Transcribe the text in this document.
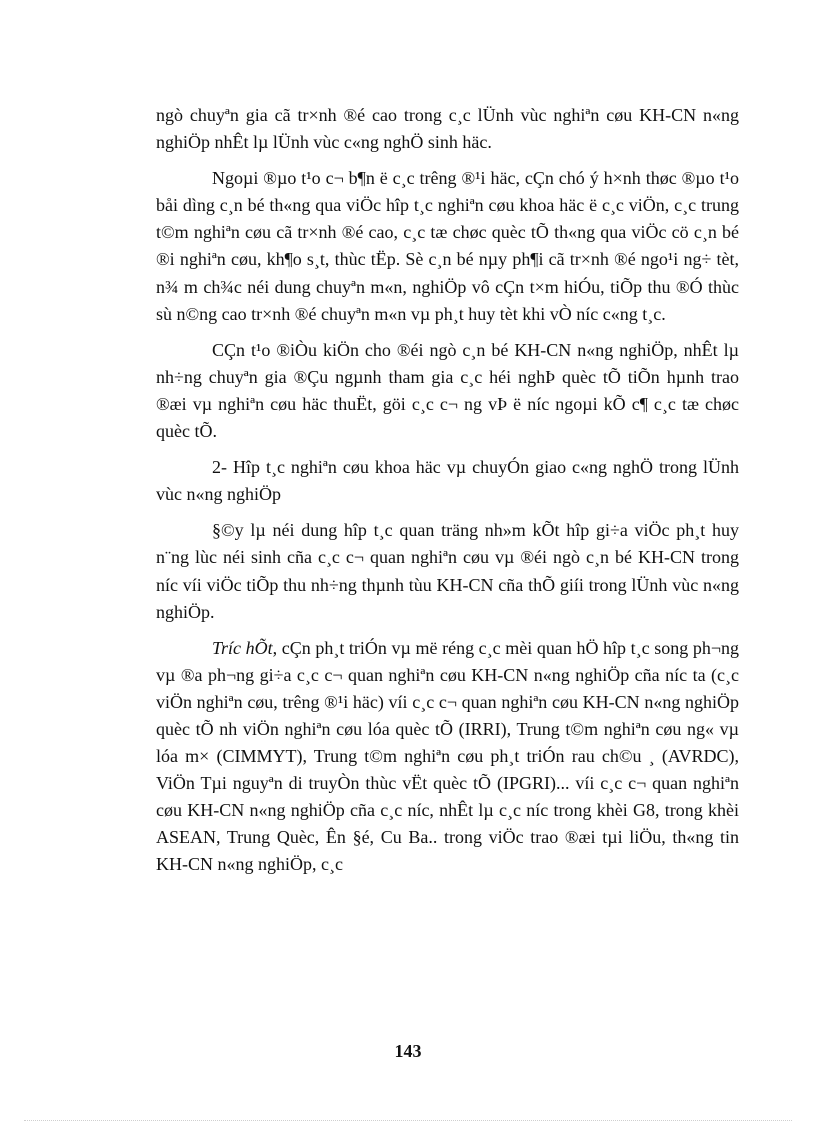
ngò chuyªn gia cã tr×nh ®é cao trong c¸c lÜnh vùc nghiªn cøu KH-CN n«ng nghiÖp nhÊt lµ lÜnh vùc c«ng nghÖ sinh häc.

Ngoµi ®µo t¹o c¬ b¶n ë c¸c trêng ®¹i häc, cÇn chó ý h×nh thøc ®µo t¹o båi dìng c¸n bé th«ng qua viÖc hîp t¸c nghiªn cøu khoa häc ë c¸c viÖn, c¸c trung t©m nghiªn cøu cã tr×nh ®é cao, c¸c tæ chøc quèc tÕ th«ng qua viÖc cö c¸n bé ®i nghiªn cøu, kh¶o s¸t, thùc tËp. Sè c¸n bé nµy ph¶i cã tr×nh ®é ngo¹i ng÷ tèt, n¾ m ch¾c néi dung chuyªn m«n, nghiÖp vô cÇn t×m hiÓu, tiÕp thu ®Ó thùc sù n©ng cao tr×nh ®é chuyªn m«n vµ ph¸t huy tèt khi vÒ níc c«ng t¸c.

CÇn t¹o ®iÒu kiÖn cho ®éi ngò c¸n bé KH-CN n«ng nghiÖp, nhÊt lµ nh÷ng chuyªn gia ®Çu ngµnh tham gia c¸c héi nghÞ quèc tÕ tiÕn hµnh trao ®æi vµ nghiªn cøu häc thuËt, göi c¸c c¬ ng vÞ ë níc ngoµi kÕ c¶ c¸c tæ chøc quèc tÕ.

2- Hîp t¸c nghiªn cøu khoa häc vµ chuyÓn giao c«ng nghÖ trong lÜnh vùc n«ng nghiÖp

§©y lµ néi dung hîp t¸c quan träng nh»m kÕt hîp gi÷a viÖc ph¸t huy n¨ng lùc néi sinh cña c¸c c¬ quan nghiªn cøu vµ ®éi ngò c¸n bé KH-CN trong níc víi viÖc tiÕp thu nh÷ng thµnh tùu KH-CN cña thÕ giíi trong lÜnh vùc n«ng nghiÖp.

Tríc hÕt, cÇn ph¸t triÓn vµ më réng c¸c mèi quan hÖ hîp t¸c song ph¬ng vµ ®a ph¬ng gi÷a c¸c c¬ quan nghiªn cøu KH-CN n«ng nghiÖp cña níc ta (c¸c viÖn nghiªn cøu, trêng ®¹i häc) víi c¸c c¬ quan nghiªn cøu KH-CN n«ng nghiÖp quèc tÕ nh viÖn nghiªn cøu lóa quèc tÕ (IRRI), Trung t©m nghiªn cøu ng« vµ lóa m× (CIMMYT), Trung t©m nghiªn cøu ph¸t triÓn rau ch©u ¸ (AVRDC), ViÖn Tµi nguyªn di truyÒn thùc vËt quèc tÕ (IPGRI)... víi c¸c c¬ quan nghiªn cøu KH-CN n«ng nghiÖp cña c¸c níc, nhÊt lµ c¸c níc trong khèi G8, trong khèi ASEAN, Trung Quèc, Ên §é, Cu Ba.. trong viÖc trao ®æi tµi liÖu, th«ng tin KH-CN n«ng nghiÖp, c¸c

143
